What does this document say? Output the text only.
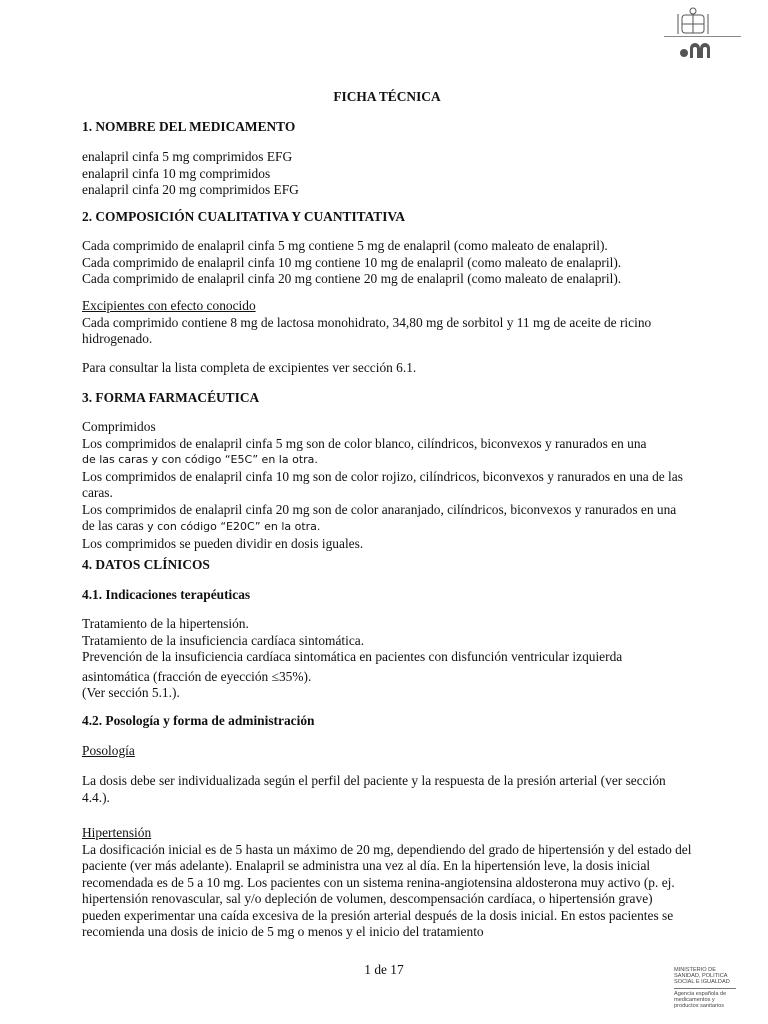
FICHA TÉCNICA
1. NOMBRE DEL MEDICAMENTO

enalapril cinfa 5 mg comprimidos EFG

enalapril cinfa 10 mg comprimidos

enalapril cinfa 20 mg comprimidos EFG

2. COMPOSICIÓN CUALITATIVA Y CUANTITATIVA

Cada comprimido de enalapril cinfa 5 mg contiene 5 mg de enalapril (como maleato de enalapril).

Cada comprimido de enalapril cinfa 10 mg contiene 10 mg de enalapril (como maleato de enalapril).

Cada comprimido de enalapril cinfa 20 mg contiene 20 mg de enalapril (como maleato de enalapril).

Excipientes con efecto conocido

Cada comprimido contiene 8 mg de lactosa monohidrato, 34,80 mg de sorbitol y 11 mg de aceite de ricino hidrogenado.

Para consultar la lista completa de excipientes ver sección 6.1.
3. FORMA FARMACÉUTICA

Comprimidos

Los comprimidos de enalapril cinfa 5 mg son de color blanco, cilíndricos, biconvexos y ranurados en una

de las caras y con código “E5C” en la otra.

Los comprimidos de enalapril cinfa 10 mg son de color rojizo, cilíndricos, biconvexos y ranurados en una de las caras.

Los comprimidos de enalapril cinfa 20 mg son de color anaranjado, cilíndricos, biconvexos y ranurados en una de las caras y con código “E20C” en la otra.

Los comprimidos se pueden dividir en dosis iguales.

4. DATOS CLÍNICOS
4.1. Indicaciones terapéuticas

Tratamiento de la hipertensión.

Tratamiento de la insuficiencia cardíaca sintomática.

Prevención de la insuficiencia cardíaca sintomática en pacientes con disfunción ventricular izquierda

asintomática (fracción de eyección ≤35%).

(Ver sección 5.1.).

4.2. Posología y forma de administración
Posología
La dosis debe ser individualizada según el perfil del paciente y la respuesta de la presión arterial (ver sección 4.4.).

Hipertensión

La dosificación inicial es de 5 hasta un máximo de 20 mg, dependiendo del grado de hipertensión y del estado del paciente (ver más adelante). Enalapril se administra una vez al día. En la hipertensión leve, la dosis inicial recomendada es de 5 a 10 mg. Los pacientes con un sistema renina-angiotensina aldosterona muy activo (p. ej. hipertensión renovascular, sal y/o depleción de volumen, descompensación cardíaca, o hipertensión grave) pueden experimentar una caída excesiva de la presión arterial después de la dosis inicial. En estos pacientes se recomienda una dosis de inicio de 5 mg o menos y el inicio del tratamiento

1 de 17	MINISTERIO DE
SANIDAD, POLITICA
SOCIAL E IGUALDAD
Agencia española de
medicamentos y
productos sanitarios
